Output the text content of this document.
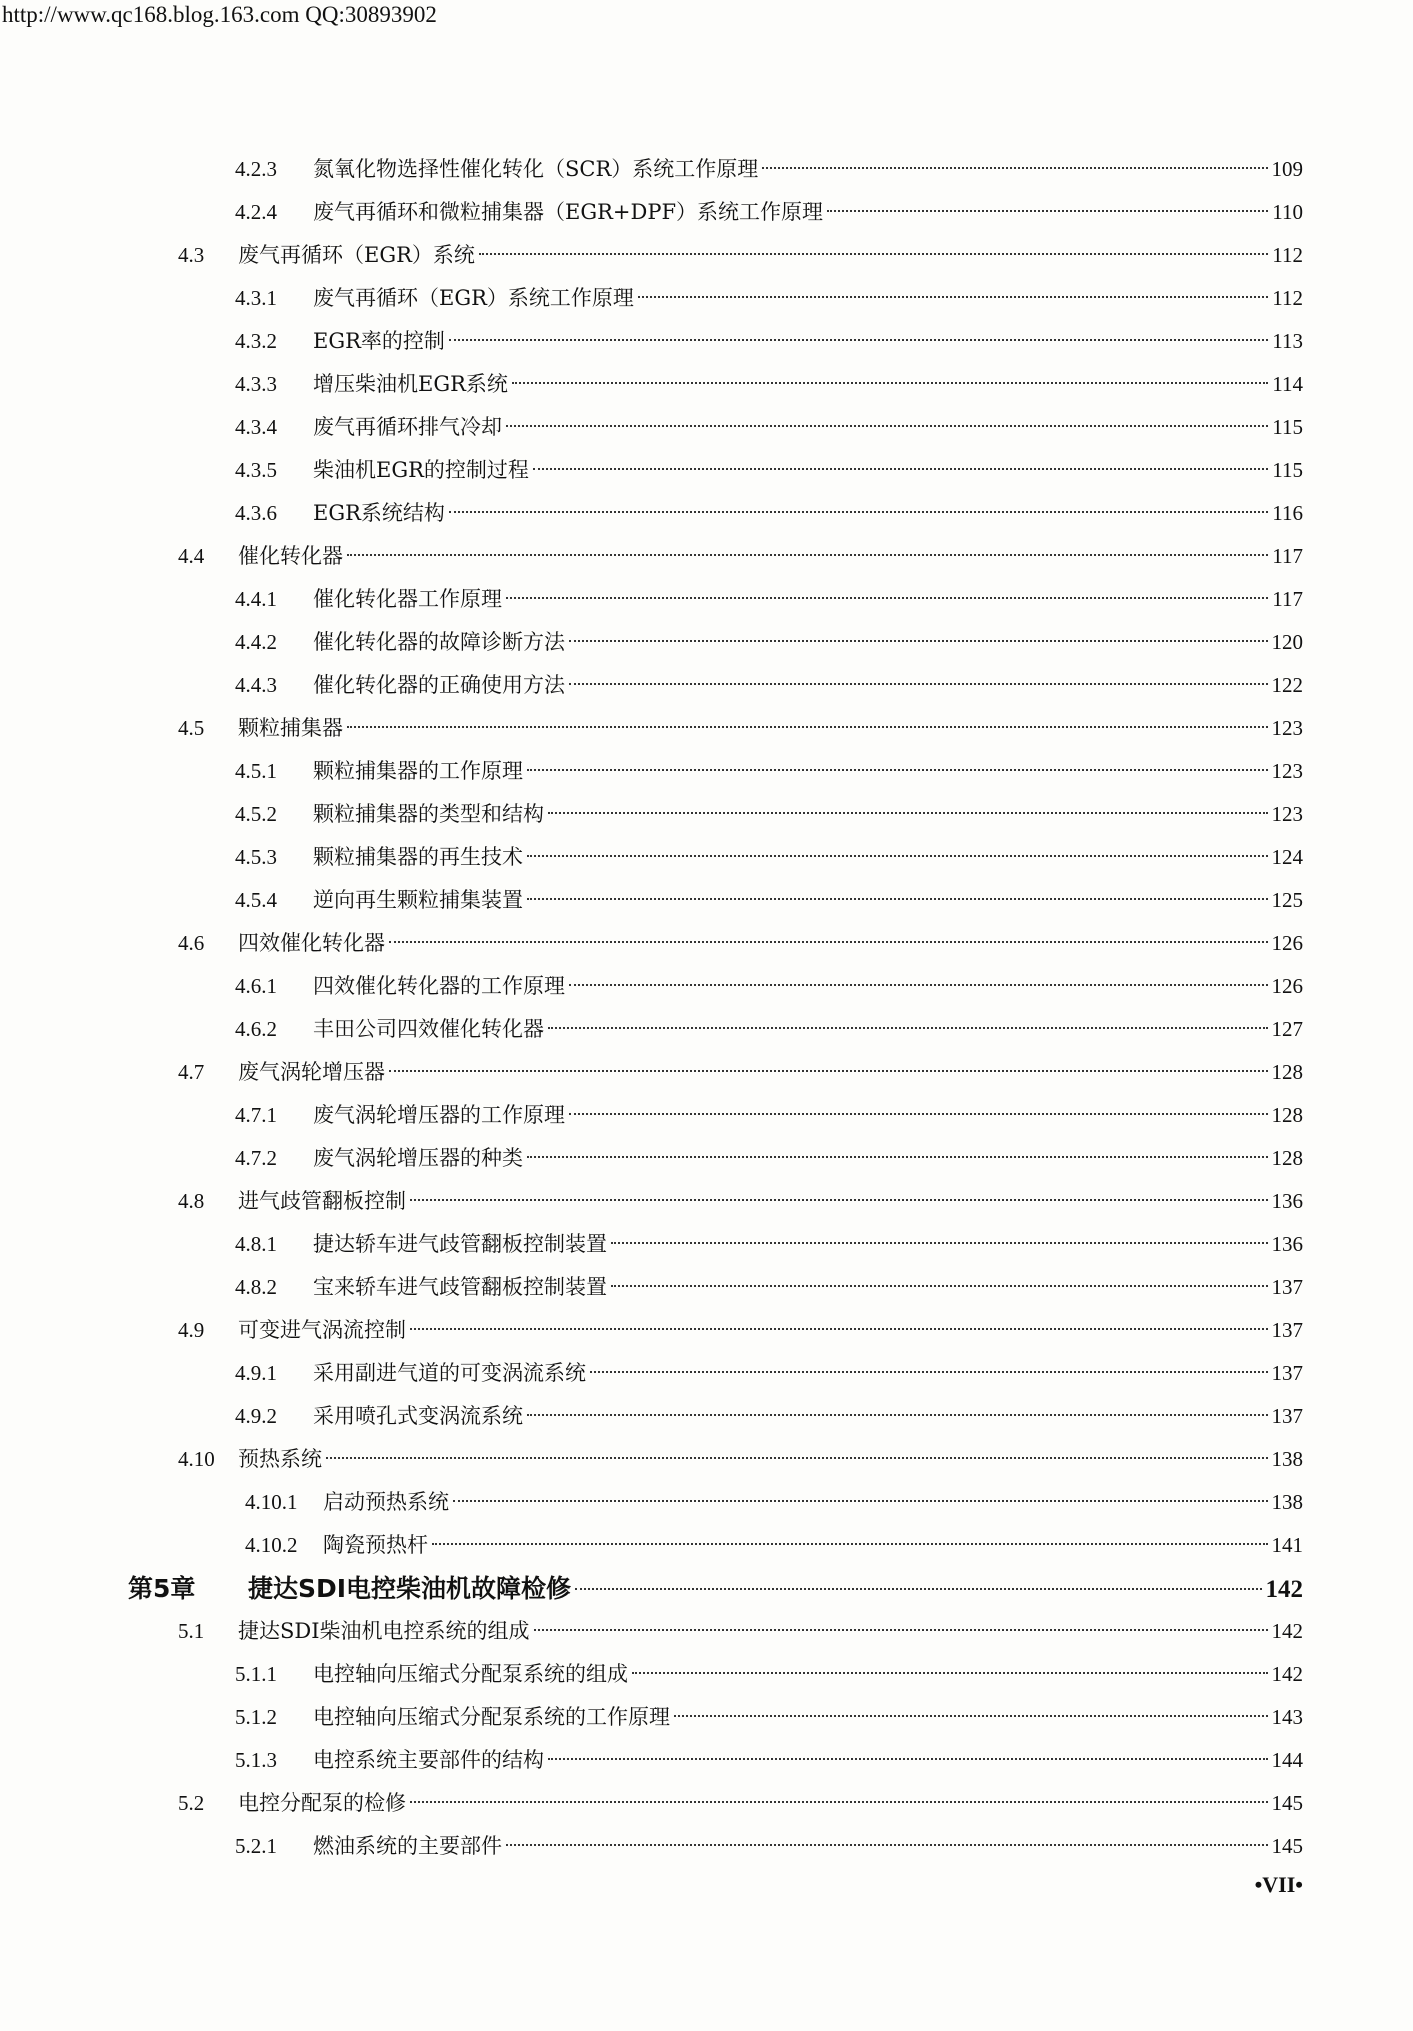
http://www.qc168.blog.163.com QQ:30893902
4.2.3	氮氧化物选择性催化转化（SCR）系统工作原理	109
4.2.4	废气再循环和微粒捕集器（EGR+DPF）系统工作原理	110
4.3	废气再循环（EGR）系统	112
4.3.1	废气再循环（EGR）系统工作原理	112
4.3.2	EGR率的控制	113
4.3.3	增压柴油机EGR系统	114
4.3.4	废气再循环排气冷却	115
4.3.5	柴油机EGR的控制过程	115
4.3.6	EGR系统结构	116
4.4	催化转化器	117
4.4.1	催化转化器工作原理	117
4.4.2	催化转化器的故障诊断方法	120
4.4.3	催化转化器的正确使用方法	122
4.5	颗粒捕集器	123
4.5.1	颗粒捕集器的工作原理	123
4.5.2	颗粒捕集器的类型和结构	123
4.5.3	颗粒捕集器的再生技术	124
4.5.4	逆向再生颗粒捕集装置	125
4.6	四效催化转化器	126
4.6.1	四效催化转化器的工作原理	126
4.6.2	丰田公司四效催化转化器	127
4.7	废气涡轮增压器	128
4.7.1	废气涡轮增压器的工作原理	128
4.7.2	废气涡轮增压器的种类	128
4.8	进气歧管翻板控制	136
4.8.1	捷达轿车进气歧管翻板控制装置	136
4.8.2	宝来轿车进气歧管翻板控制装置	137
4.9	可变进气涡流控制	137
4.9.1	采用副进气道的可变涡流系统	137
4.9.2	采用喷孔式变涡流系统	137
4.10	预热系统	138
4.10.1	启动预热系统	138
4.10.2	陶瓷预热杆	141
第5章	捷达SDI电控柴油机故障检修	142
5.1	捷达SDI柴油机电控系统的组成	142
5.1.1	电控轴向压缩式分配泵系统的组成	142
5.1.2	电控轴向压缩式分配泵系统的工作原理	143
5.1.3	电控系统主要部件的结构	144
5.2	电控分配泵的检修	145
5.2.1	燃油系统的主要部件	145
•VII•
